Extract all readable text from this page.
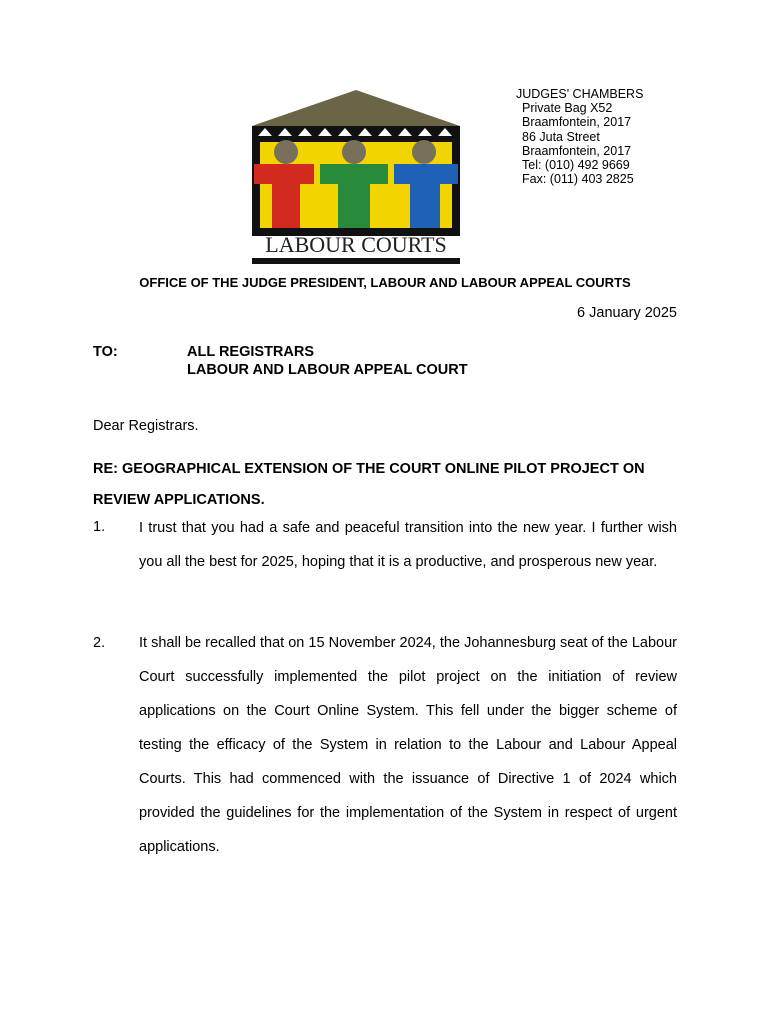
LABOUR COURTS
JUDGES' CHAMBERS
Private Bag X52
Braamfontein, 2017
86 Juta Street
Braamfontein, 2017
Tel: (010) 492 9669
Fax: (011) 403 2825
OFFICE OF THE JUDGE PRESIDENT, LABOUR AND LABOUR APPEAL COURTS
6 January 2025
TO:	ALL REGISTRARS
LABOUR AND LABOUR APPEAL COURT
Dear Registrars.
RE: GEOGRAPHICAL EXTENSION OF THE COURT ONLINE PILOT PROJECT ON REVIEW APPLICATIONS.
1. I trust that you had a safe and peaceful transition into the new year. I further wish you all the best for 2025, hoping that it is a productive, and prosperous new year.
2. It shall be recalled that on 15 November 2024, the Johannesburg seat of the Labour Court successfully implemented the pilot project on the initiation of review applications on the Court Online System. This fell under the bigger scheme of testing the efficacy of the System in relation to the Labour and Labour Appeal Courts. This had commenced with the issuance of Directive 1 of 2024 which provided the guidelines for the implementation of the System in respect of urgent applications.
